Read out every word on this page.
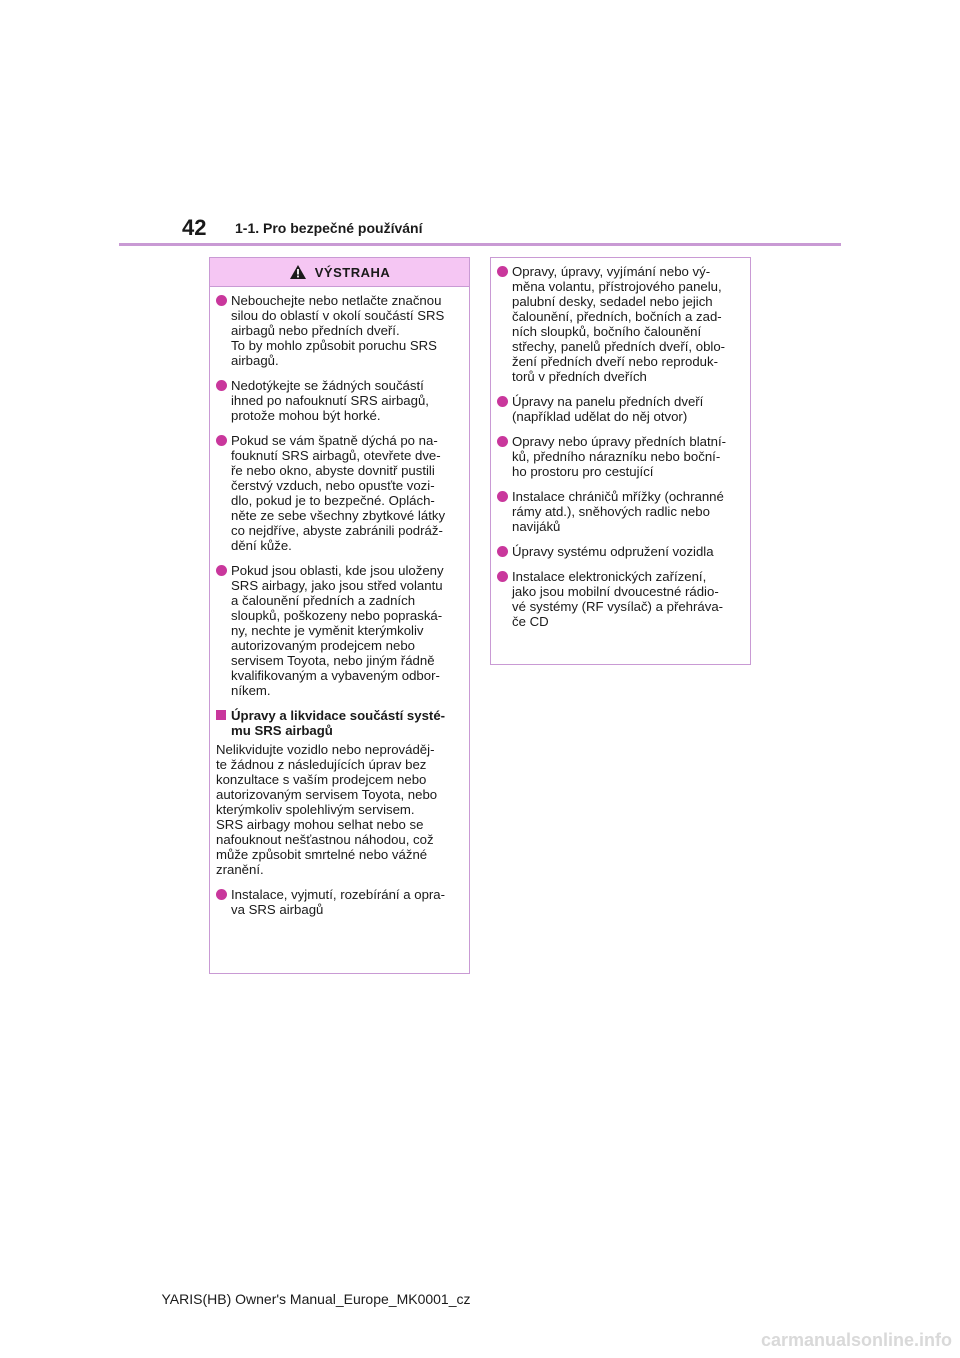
42 1-1. Pro bezpečné používání
VÝSTRAHA
Nebouchejte nebo netlačte značnou
silou do oblastí v okolí součástí SRS
airbagů nebo předních dveří.
To by mohlo způsobit poruchu SRS
airbagů.
Nedotýkejte se žádných součástí
ihned po nafouknutí SRS airbagů,
protože mohou být horké.
Pokud se vám špatně dýchá po na-
fouknutí SRS airbagů, otevřete dve-
ře nebo okno, abyste dovnitř pustili
čerstvý vzduch, nebo opusťte vozi-
dlo, pokud je to bezpečné. Oplách-
něte ze sebe všechny zbytkové látky
co nejdříve, abyste zabránili podráž-
dění kůže.
Pokud jsou oblasti, kde jsou uloženy
SRS airbagy, jako jsou střed volantu
a čalounění předních a zadních
sloupků, poškozeny nebo popraská-
ny, nechte je vyměnit kterýmkoliv
autorizovaným prodejcem nebo
servisem Toyota, nebo jiným řádně
kvalifikovaným a vybaveným odbor-
níkem.
Úpravy a likvidace součástí systé-
mu SRS airbagů
Nelikvidujte vozidlo nebo neprováděj-
te žádnou z následujících úprav bez
konzultace s vaším prodejcem nebo
autorizovaným servisem Toyota, nebo
kterýmkoliv spolehlivým servisem.
SRS airbagy mohou selhat nebo se
nafouknout nešťastnou náhodou, což
může způsobit smrtelné nebo vážné
zranění.
Instalace, vyjmutí, rozebírání a opra-
va SRS airbagů
Opravy, úpravy, vyjímání nebo vý-
měna volantu, přístrojového panelu,
palubní desky, sedadel nebo jejich
čalounění, předních, bočních a zad-
ních sloupků, bočního čalounění
střechy, panelů předních dveří, oblo-
žení předních dveří nebo reproduk-
torů v předních dveřích
Úpravy na panelu předních dveří
(například udělat do něj otvor)
Opravy nebo úpravy předních blatní-
ků, předního nárazníku nebo boční-
ho prostoru pro cestující
Instalace chráničů mřížky (ochranné
rámy atd.), sněhových radlic nebo
navijáků
Úpravy systému odpružení vozidla
Instalace elektronických zařízení,
jako jsou mobilní dvoucestné rádio-
vé systémy (RF vysílač) a přehráva-
če CD
YARIS(HB) Owner's Manual_Europe_MK0001_cz
carmanualsonline.info
